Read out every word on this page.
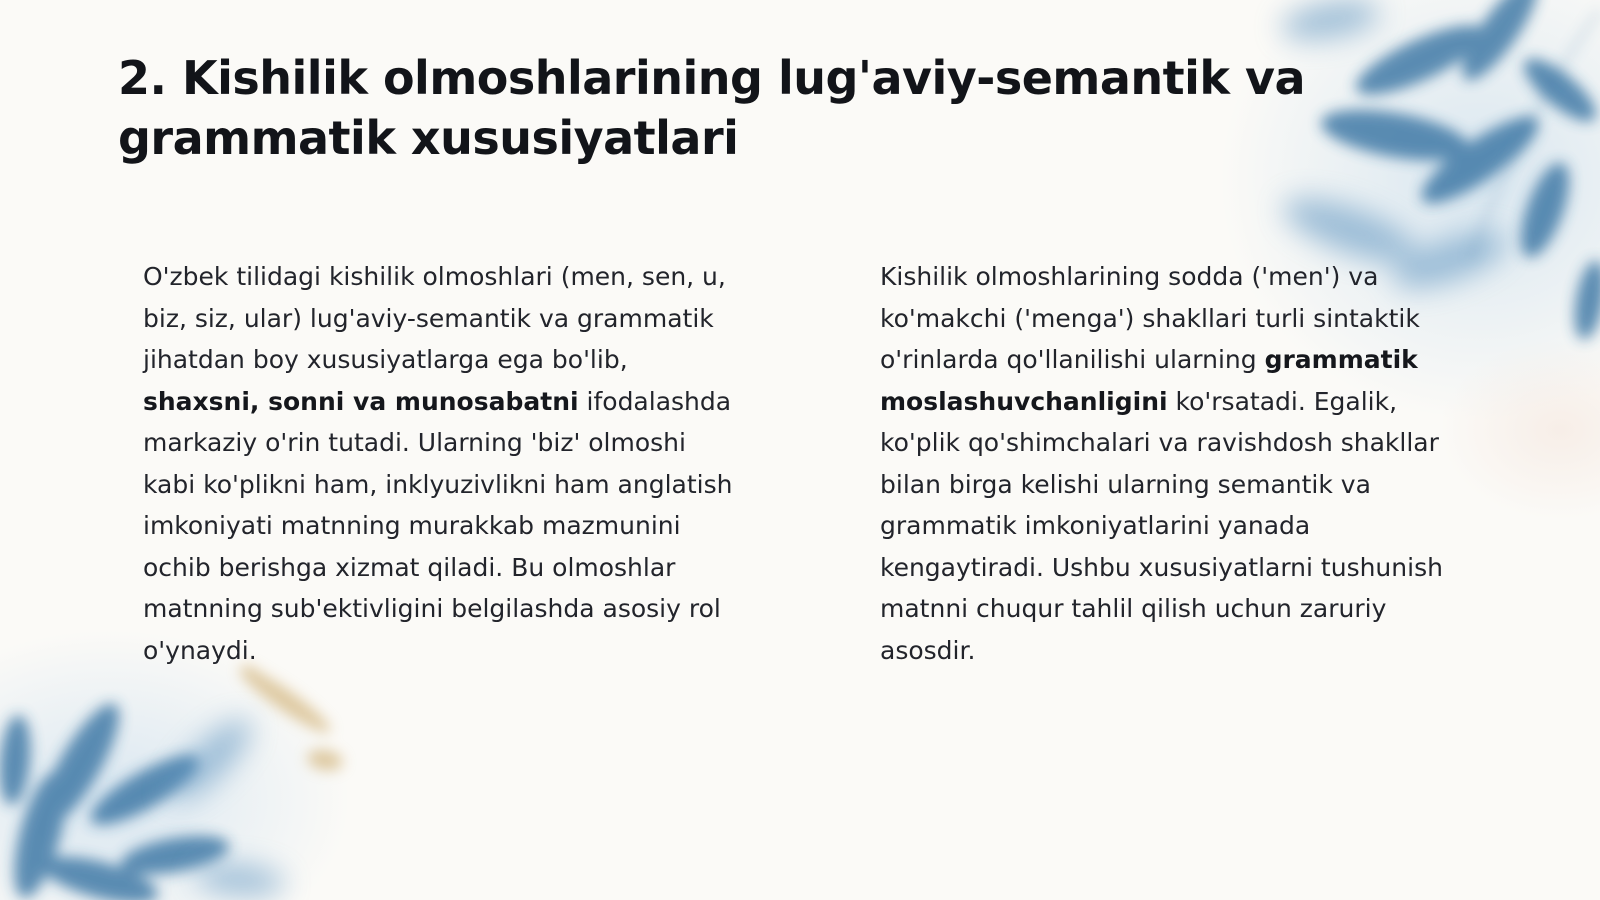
2. Kishilik olmoshlarining lug'aviy-semantik va grammatik xususiyatlari

O'zbek tilidagi kishilik olmoshlari (men, sen, u, biz, siz, ular) lug'aviy-semantik va grammatik jihatdan boy xususiyatlarga ega bo'lib, shaxsni, sonni va munosabatni ifodalashda markaziy o'rin tutadi. Ularning 'biz' olmoshi kabi ko'plikni ham, inklyuzivlikni ham anglatish imkoniyati matnning murakkab mazmunini ochib berishga xizmat qiladi. Bu olmoshlar matnning sub'ektivligini belgilashda asosiy rol o'ynaydi.

Kishilik olmoshlarining sodda ('men') va ko'makchi ('menga') shakllari turli sintaktik o'rinlarda qo'llanilishi ularning grammatik moslashuvchanligini ko'rsatadi. Egalik, ko'plik qo'shimchalari va ravishdosh shakllar bilan birga kelishi ularning semantik va grammatik imkoniyatlarini yanada kengaytiradi. Ushbu xususiyatlarni tushunish matnni chuqur tahlil qilish uchun zaruriy asosdir.
